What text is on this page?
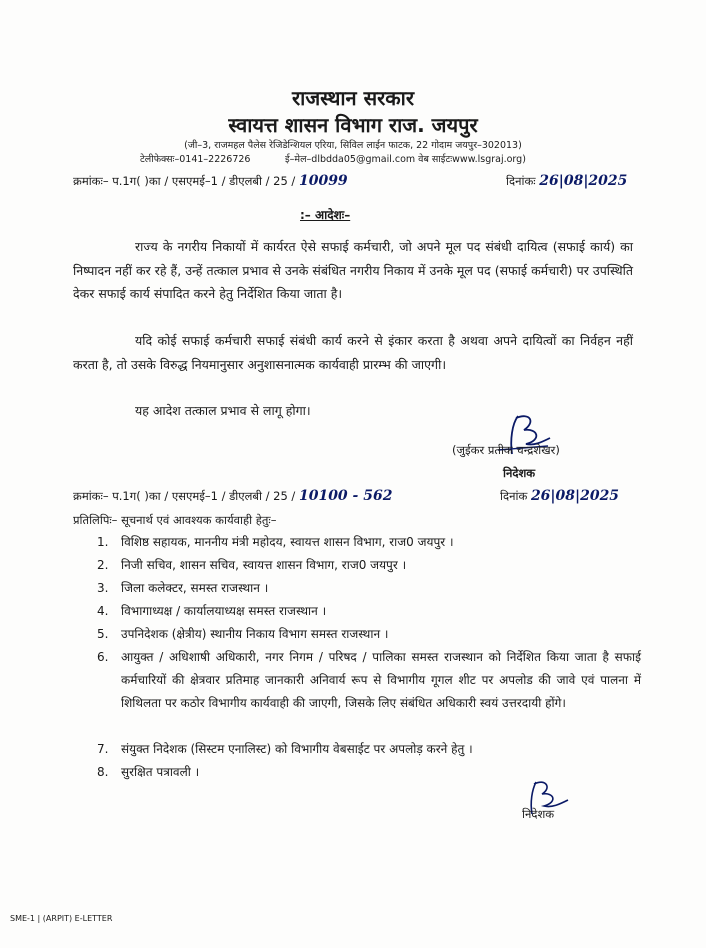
राजस्थान सरकार
स्वायत्त शासन विभाग राज. जयपुर
(जी–3, राजमहल पैलेस रेजिडेन्शियल एरिया, सिविल लाईन फाटक, 22 गोदाम जयपुर–302013)
टेलीफेक्सः–0141–2226726	ई–मेल–dlbdda05@gmail.com वेब साईटःwww.lsgraj.org)
क्रमांकः– प.1ग( )का / एसएमई–1 / डीएलबी / 25 / 10099	दिनांकः 26|08|2025
:– आदेशः–
राज्य के नगरीय निकायों में कार्यरत ऐसे सफाई कर्मचारी, जो अपने मूल पद संबंधी दायित्व (सफाई कार्य) का निष्पादन नहीं कर रहे हैं, उन्हें तत्काल प्रभाव से उनके संबंधित नगरीय निकाय में उनके मूल पद (सफाई कर्मचारी) पर उपस्थिति देकर सफाई कार्य संपादित करने हेतु निर्देशित किया जाता है।
यदि कोई सफाई कर्मचारी सफाई संबंधी कार्य करने से इंकार करता है अथवा अपने दायित्वों का निर्वहन नहीं करता है, तो उसके विरुद्ध नियमानुसार अनुशासनात्मक कार्यवाही प्रारम्भ की जाएगी।
यह आदेश तत्काल प्रभाव से लागू होगा।
(जुईकर प्रतीक चन्द्रशेखर)
निदेशक
क्रमांकः– प.1ग( )का / एसएमई–1 / डीएलबी / 25 / 10100 - 562	दिनांक 26|08|2025
प्रतिलिपिः– सूचनार्थ एवं आवश्यक कार्यवाही हेतुः–
1. विशिष्ठ सहायक, माननीय मंत्री महोदय, स्वायत्त शासन विभाग, राज0 जयपुर ।
2. निजी सचिव, शासन सचिव, स्वायत्त शासन विभाग, राज0 जयपुर ।
3. जिला कलेक्टर, समस्त राजस्थान ।
4. विभागाध्यक्ष / कार्यालयाध्यक्ष समस्त राजस्थान ।
5. उपनिदेशक (क्षेत्रीय) स्थानीय निकाय विभाग समस्त राजस्थान ।
6. आयुक्त / अधिशाषी अधिकारी, नगर निगम / परिषद / पालिका समस्त राजस्थान को निर्देशित किया जाता है सफाई कर्मचारियों की क्षेत्रवार प्रतिमाह जानकारी अनिवार्य रूप से विभागीय गूगल शीट पर अपलोड की जावे एवं पालना में शिथिलता पर कठोर विभागीय कार्यवाही की जाएगी, जिसके लिए संबंधित अधिकारी स्वयं उत्तरदायी होंगे।
7. संयुक्त निदेशक (सिस्टम एनालिस्ट) को विभागीय वेबसाईट पर अपलोड़ करने हेतु ।
8. सुरक्षित पत्रावली ।
निदेशक
SME-1 | (ARPIT) E-LETTER
